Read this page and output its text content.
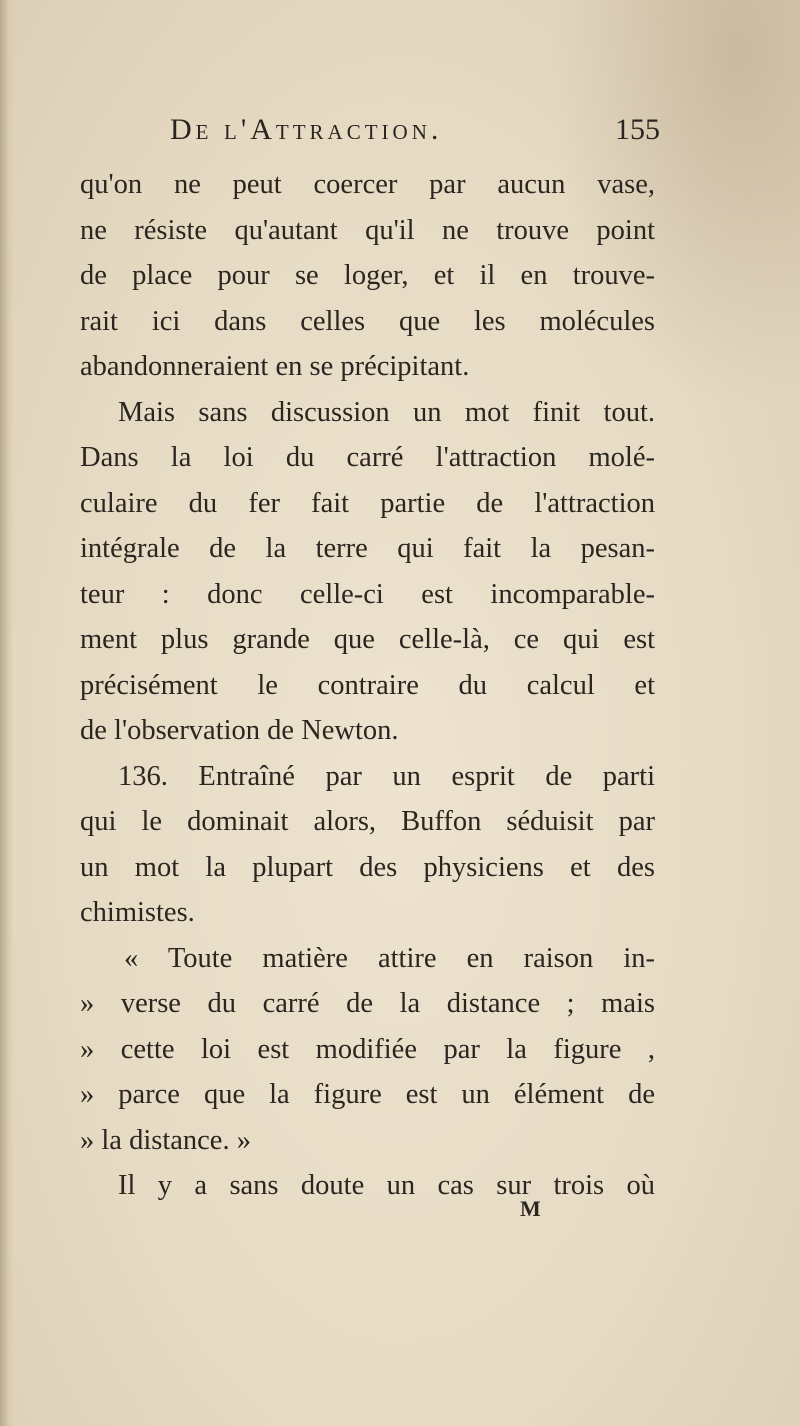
De l'Attraction.	155
qu'on ne peut coercer par aucun vase,
ne résiste qu'autant qu'il ne trouve point
de place pour se loger, et il en trouve-
rait ici dans celles que les molécules
abandonneraient en se précipitant.
Mais sans discussion un mot finit tout.
Dans la loi du carré l'attraction molé-
culaire du fer fait partie de l'attraction
intégrale de la terre qui fait la pesan-
teur : donc celle-ci est incomparable-
ment plus grande que celle-là, ce qui est
précisément le contraire du calcul et
de l'observation de Newton.
136. Entraîné par un esprit de parti
qui le dominait alors, Buffon séduisit par
un mot la plupart des physiciens et des
chimistes.
« Toute matière attire en raison in-
» verse du carré de la distance ; mais
» cette loi est modifiée par la figure ,
» parce que la figure est un élément de
» la distance. »
Il y a sans doute un cas sur trois où
M
